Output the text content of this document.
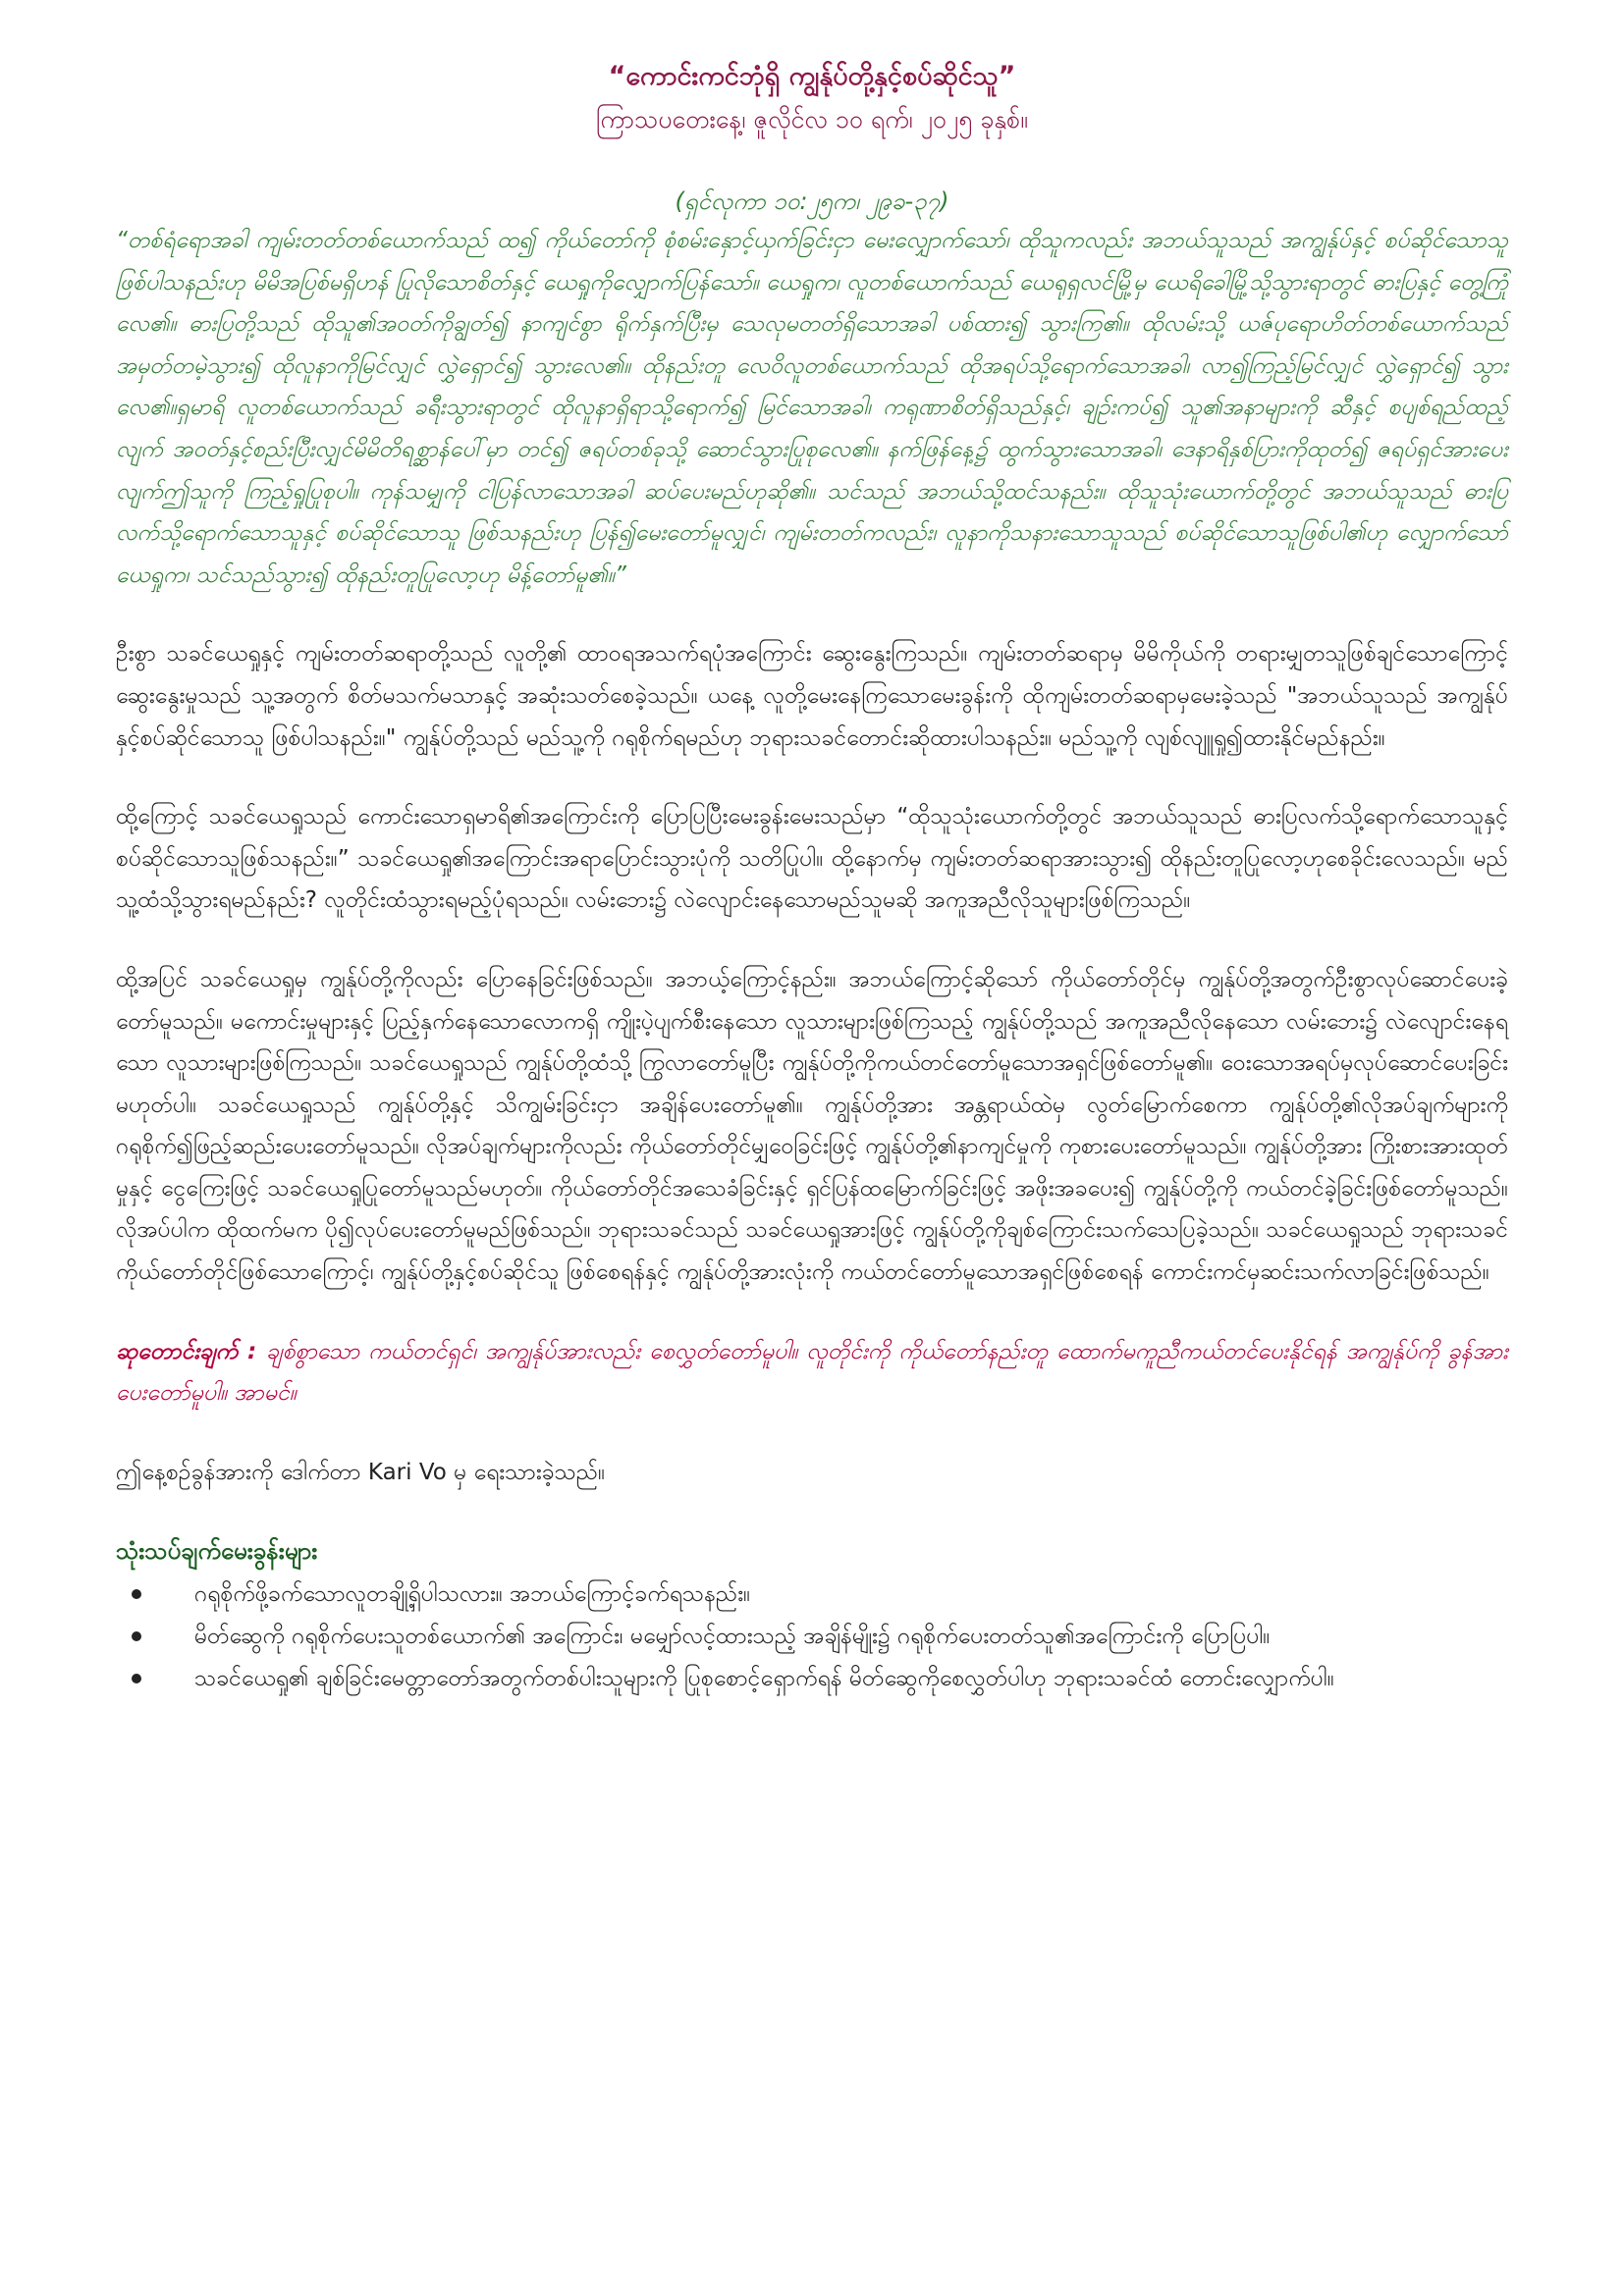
“ကောင်းကင်ဘုံရှိ ကျွန်ုပ်တို့နှင့်စပ်ဆိုင်သူ”
ကြာသပတေးနေ့၊ ဇူလိုင်လ ၁၀ ရက်၊ ၂၀၂၅ ခုနှစ်။
(ရှင်လုကာ ၁၀:၂၅က၊ ၂၉ခ-၃၇)

“တစ်ရံရောအခါ ကျမ်းတတ်တစ်ယောက်သည် ထ၍ ကိုယ်တော်ကို စုံစမ်းနှောင့်ယှက်ခြင်းငှာ မေးလျှောက်သော်၊ ထိုသူကလည်း အဘယ်သူသည် အကျွန်ုပ်နှင့် စပ်ဆိုင်သောသူ ဖြစ်ပါသနည်းဟု မိမိအပြစ်မရှိဟန် ပြုလိုသောစိတ်နှင့် ယေရှုကိုလျှောက်ပြန်သော်။ ယေရှုက၊ လူတစ်ယောက်သည် ယေရုရှလင်မြို့မှ ယေရိခေါမြို့သို့သွားရာတွင် ဓားပြနှင့် တွေ့ကြုံလေ၏။ ဓားပြတို့သည် ထိုသူ၏အဝတ်ကိုချွတ်၍ နာကျင်စွာ ရိုက်နှက်ပြီးမှ သေလုမတတ်ရှိသောအခါ ပစ်ထား၍ သွားကြ၏။ ထိုလမ်းသို့ ယဇ်ပုရောဟိတ်တစ်ယောက်သည် အမှတ်တမဲ့သွား၍ ထိုလူနာကိုမြင်လျှင် လွှဲရှောင်၍ သွားလေ၏။ ထိုနည်းတူ လေဝိလူတစ်ယောက်သည် ထိုအရပ်သို့ရောက်သောအခါ၊ လာ၍ကြည့်မြင်လျှင် လွှဲရှောင်၍ သွားလေ၏။ရှမာရိ လူတစ်ယောက်သည် ခရီးသွားရာတွင် ထိုလူနာရှိရာသို့ရောက်၍ မြင်သောအခါ၊ ကရုဏာစိတ်ရှိသည်နှင့်၊ ချဉ်းကပ်၍ သူ၏အနာများကို ဆီနှင့် စပျစ်ရည်ထည့်လျက် အဝတ်နှင့်စည်းပြီးလျှင်မိမိတိရစ္ဆာန်ပေါ်မှာ တင်၍ ဇရပ်တစ်ခုသို့ ဆောင်သွားပြုစုလေ၏။ နက်ဖြန်နေ့၌ ထွက်သွားသောအခါ၊ ဒေနာရိနှစ်ပြားကိုထုတ်၍ ဇရပ်ရှင်အားပေးလျက်ဤသူကို ကြည့်ရှုပြုစုပါ။ ကုန်သမျှကို ငါပြန်လာသောအခါ ဆပ်ပေးမည်ဟုဆို၏။ သင်သည် အဘယ်သို့ထင်သနည်း။ ထိုသူသုံးယောက်တို့တွင် အဘယ်သူသည် ဓားပြလက်သို့ရောက်သောသူနှင့် စပ်ဆိုင်သောသူ ဖြစ်သနည်းဟု ပြန်၍မေးတော်မူလျှင်၊ ကျမ်းတတ်ကလည်း၊ လူနာကိုသနားသောသူသည် စပ်ဆိုင်သောသူဖြစ်ပါ၏ဟု လျှောက်သော် ယေရှုက၊ သင်သည်သွား၍ ထိုနည်းတူပြုလော့ဟု မိန့်တော်မူ၏။”

ဦးစွာ သခင်ယေရှုနှင့် ကျမ်းတတ်ဆရာတို့သည် လူတို့၏ ထာဝရအသက်ရပုံအကြောင်း ဆွေးနွေးကြသည်။ ကျမ်းတတ်ဆရာမှ မိမိကိုယ်ကို တရားမျှတသူဖြစ်ချင်သောကြောင့် ဆွေးနွေးမှုသည် သူ့အတွက် စိတ်မသက်မသာနှင့် အဆုံးသတ်စေခဲ့သည်။ ယနေ့ လူတို့မေးနေကြသောမေးခွန်းကို ထိုကျမ်းတတ်ဆရာမှမေးခဲ့သည် "အဘယ်သူသည် အကျွန်ုပ်နှင့်စပ်ဆိုင်သောသူ ဖြစ်ပါသနည်း။" ကျွန်ုပ်တို့သည် မည်သူ့ကို ဂရုစိုက်ရမည်ဟု ဘုရားသခင်တောင်းဆိုထားပါသနည်း။ မည်သူ့ကို လျစ်လျူရှု၍ထားနိုင်မည်နည်း။

ထို့ကြောင့် သခင်ယေရှုသည် ကောင်းသောရှမာရိ၏အကြောင်းကို ပြောပြပြီးမေးခွန်းမေးသည်မှာ “ထိုသူသုံးယောက်တို့တွင် အဘယ်သူသည် ဓားပြလက်သို့ရောက်သောသူနှင့် စပ်ဆိုင်သောသူဖြစ်သနည်း။” သခင်ယေရှု၏အကြောင်းအရာပြောင်းသွားပုံကို သတိပြုပါ။ ထို့နောက်မှ ကျမ်းတတ်ဆရာအားသွား၍ ထိုနည်းတူပြုလော့ဟုစေခိုင်းလေသည်။ မည်သူ့ထံသို့သွားရမည်နည်း? လူတိုင်းထံသွားရမည့်ပုံရသည်။ လမ်းဘေး၌ လဲလျောင်းနေသောမည်သူမဆို အကူအညီလိုသူများဖြစ်ကြသည်။

ထို့အပြင် သခင်ယေရှုမှ ကျွန်ုပ်တို့ကိုလည်း ပြောနေခြင်းဖြစ်သည်။ အဘယ့်ကြောင့်နည်း။ အဘယ်ကြောင့်ဆိုသော် ကိုယ်တော်တိုင်မှ ကျွန်ုပ်တို့အတွက်ဦးစွာလုပ်ဆောင်ပေးခဲ့တော်မူသည်။ မကောင်းမှုများနှင့် ပြည့်နှက်နေသောလောကရှိ ကျိုးပဲ့ပျက်စီးနေသော လူသားများဖြစ်ကြသည့် ကျွန်ုပ်တို့သည် အကူအညီလိုနေသော လမ်းဘေး၌ လဲလျောင်းနေရသော လူသားများဖြစ်ကြသည်။ သခင်ယေရှုသည် ကျွန်ုပ်တို့ထံသို့ ကြွလာတော်မူပြီး ကျွန်ုပ်တို့ကိုကယ်တင်တော်မူသောအရှင်ဖြစ်တော်မူ၏။ ဝေးသောအရပ်မှလုပ်ဆောင်ပေးခြင်းမဟုတ်ပါ။ သခင်ယေရှုသည် ကျွန်ုပ်တို့နှင့် သိကျွမ်းခြင်းငှာ အချိန်ပေးတော်မူ၏။ ကျွန်ုပ်တို့အား အန္တရာယ်ထဲမှ လွတ်မြောက်စေကာ ကျွန်ုပ်တို့၏လိုအပ်ချက်များကို ဂရုစိုက်၍ဖြည့်ဆည်းပေးတော်မူသည်။ လိုအပ်ချက်များကိုလည်း ကိုယ်တော်တိုင်မျှဝေခြင်းဖြင့် ကျွန်ုပ်တို့၏နာကျင်မှုကို ကုစားပေးတော်မူသည်။ ကျွန်ုပ်တို့အား ကြိုးစားအားထုတ်မှုနှင့် ငွေကြေးဖြင့် သခင်ယေရှုပြုတော်မူသည်မဟုတ်။ ကိုယ်တော်တိုင်အသေခံခြင်းနှင့် ရှင်ပြန်ထမြောက်ခြင်းဖြင့် အဖိုးအခပေး၍ ကျွန်ုပ်တို့ကို ကယ်တင်ခဲ့ခြင်းဖြစ်တော်မူသည်။ လိုအပ်ပါက ထိုထက်မက ပို၍လုပ်ပေးတော်မူမည်ဖြစ်သည်။ ဘုရားသခင်သည် သခင်ယေရှုအားဖြင့် ကျွန်ုပ်တို့ကိုချစ်ကြောင်းသက်သေပြခဲ့သည်။ သခင်ယေရှုသည် ဘုရားသခင်ကိုယ်တော်တိုင်ဖြစ်သောကြောင့်၊ ကျွန်ုပ်တို့နှင့်စပ်ဆိုင်သူ ဖြစ်စေရန်နှင့် ကျွန်ုပ်တို့အားလုံးကို ကယ်တင်တော်မူသောအရှင်ဖြစ်စေရန် ကောင်းကင်မှဆင်းသက်လာခြင်းဖြစ်သည်။

ဆုတောင်းချက် : ချစ်စွာသော ကယ်တင်ရှင်၊ အကျွန်ုပ်အားလည်း စေလွှတ်တော်မူပါ။ လူတိုင်းကို ကိုယ်တော်နည်းတူ ထောက်မကူညီကယ်တင်ပေးနိုင်ရန် အကျွန်ုပ်ကို ခွန်အားပေးတော်မူပါ။ အာမင်။

ဤနေ့စဉ်ခွန်အားကို ဒေါက်တာ Kari Vo မှ ရေးသားခဲ့သည်။

သုံးသပ်ချက်မေးခွန်းများ
ဂရုစိုက်ဖို့ခက်သောလူတချို့ရှိပါသလား။ အဘယ်ကြောင့်ခက်ရသနည်း။
မိတ်ဆွေကို ဂရုစိုက်ပေးသူတစ်ယောက်၏ အကြောင်း၊ မမျှော်လင့်ထားသည့် အချိန်မျိုး၌ ဂရုစိုက်ပေးတတ်သူ၏အကြောင်းကို ပြောပြပါ။
သခင်ယေရှု၏ ချစ်ခြင်းမေတ္တာတော်အတွက်တစ်ပါးသူများကို ပြုစုစောင့်ရှောက်ရန် မိတ်ဆွေကိုစေလွှတ်ပါဟု ဘုရားသခင်ထံ တောင်းလျှောက်ပါ။
